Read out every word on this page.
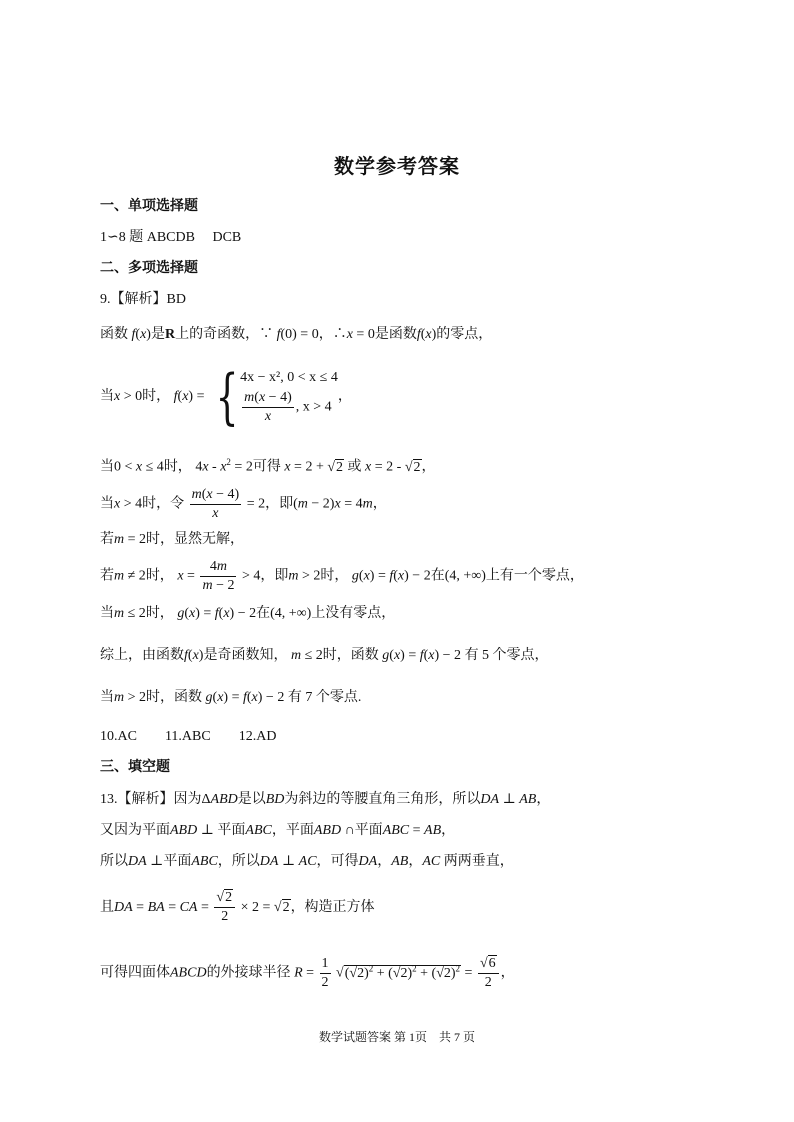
数学参考答案
一、单项选择题
1∽8 题 ABCDB　 DCB
二、多项选择题
9.【解析】BD
函数 f(x)是R上的奇函数，∵ f(0) = 0，∴x = 0是函数f(x)的零点，
当x > 0时， f(x) = { 4x − x², 0 < x ≤ 4
$\frac{m(x - 4)}{x}$ , x > 4
，
当0 < x ≤ 4时， $4x - x^2 = 2$可得 x = 2 + √2 或 x = 2 - √2，
当x > 4时，令 $\frac{m(x - 4)}{x} = 2$，即(m − 2)x = 4m，
若m = 2时，显然无解，
若m ≠ 2时， $x = \frac{4m}{m - 2} > 4$，即m > 2时， g(x) = f(x) − 2在(4, +∞)上有一个零点，
当m ≤ 2时， g(x) = f(x) − 2在(4, +∞)上没有零点，
综上，由函数f(x)是奇函数知， m ≤ 2时，函数 g(x) = f(x) − 2 有 5 个零点，
当m > 2时，函数 g(x) = f(x) − 2 有 7 个零点.
10.AC　　11.ABC　　12.AD
三、填空题
13.【解析】因为ΔABD是以BD为斜边的等腰直角三角形，所以DA ⊥ AB，
又因为平面ABD ⊥ 平面ABC，平面ABD ∩平面ABC = AB，
所以DA ⊥平面ABC，所以DA ⊥ AC，可得DA，AB，AC 两两垂直，
且DA = BA = CA = $\frac{√2}{2} \times 2 = √2$，构造正方体
可得四面体ABCD的外接球半径 $R = \frac{1}{2} √(√2)^2 + (√2)^2 + (√2)^2 = \frac{√6}{2}$ ，
数学试题答案 第 1页　共 7 页
